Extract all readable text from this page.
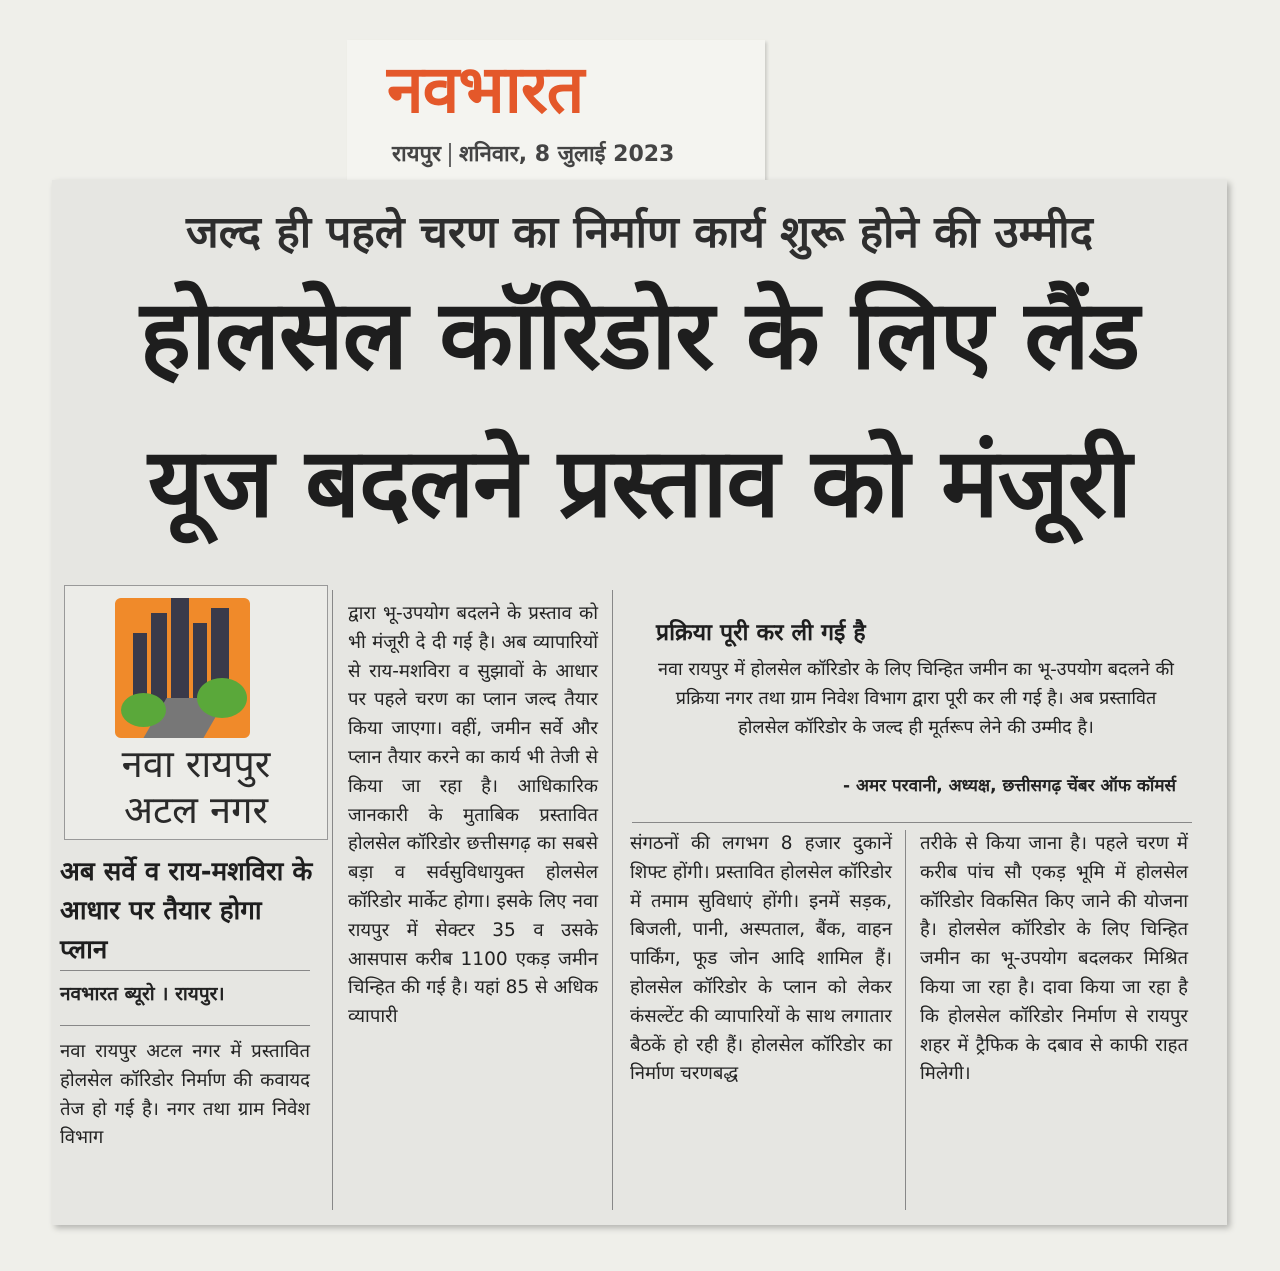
नवभारत
रायपुर शनिवार, 8 जुलाई 2023
जल्द ही पहले चरण का निर्माण कार्य शुरू होने की उम्मीद
होलसेल कॉरिडोर के लिए लैंड
यूज बदलने प्रस्ताव को मंजूरी
नवा रायपुर
अटल नगर
अब सर्वे व राय-मशविरा के आधार पर तैयार होगा प्लान
नवभारत ब्यूरो । रायपुर।
नवा रायपुर अटल नगर में प्रस्तावित होलसेल कॉरिडोर निर्माण की कवायद तेज हो गई है। नगर तथा ग्राम निवेश विभाग
द्वारा भू-उपयोग बदलने के प्रस्ताव को भी मंजूरी दे दी गई है। अब व्यापारियों से राय-मशविरा व सुझावों के आधार पर पहले चरण का प्लान जल्द तैयार किया जाएगा। वहीं, जमीन सर्वे और प्लान तैयार करने का कार्य भी तेजी से किया जा रहा है। आधिकारिक जानकारी के मुताबिक प्रस्तावित होलसेल कॉरिडोर छत्तीसगढ़ का सबसे बड़ा व सर्वसुविधायुक्त होलसेल कॉरिडोर मार्केट होगा। इसके लिए नवा रायपुर में सेक्टर 35 व उसके आसपास करीब 1100 एकड़ जमीन चिन्हित की गई है। यहां 85 से अधिक व्यापारी
प्रक्रिया पूरी कर ली गई है
नवा रायपुर में होलसेल कॉरिडोर के लिए चिन्हित जमीन का भू-उपयोग बदलने की प्रक्रिया नगर तथा ग्राम निवेश विभाग द्वारा पूरी कर ली गई है। अब प्रस्तावित होलसेल कॉरिडोर के जल्द ही मूर्तरूप लेने की उम्मीद है।
- अमर परवानी, अध्यक्ष, छत्तीसगढ़ चेंबर ऑफ कॉमर्स
संगठनों की लगभग 8 हजार दुकानें शिफ्ट होंगी। प्रस्तावित होलसेल कॉरिडोर में तमाम सुविधाएं होंगी। इनमें सड़क, बिजली, पानी, अस्पताल, बैंक, वाहन पार्किंग, फूड जोन आदि शामिल हैं। होलसेल कॉरिडोर के प्लान को लेकर कंसल्टेंट की व्यापारियों के साथ लगातार बैठकें हो रही हैं। होलसेल कॉरिडोर का निर्माण चरणबद्ध
तरीके से किया जाना है। पहले चरण में करीब पांच सौ एकड़ भूमि में होलसेल कॉरिडोर विकसित किए जाने की योजना है। होलसेल कॉरिडोर के लिए चिन्हित जमीन का भू-उपयोग बदलकर मिश्रित किया जा रहा है। दावा किया जा रहा है कि होलसेल कॉरिडोर निर्माण से रायपुर शहर में ट्रैफिक के दबाव से काफी राहत मिलेगी।
